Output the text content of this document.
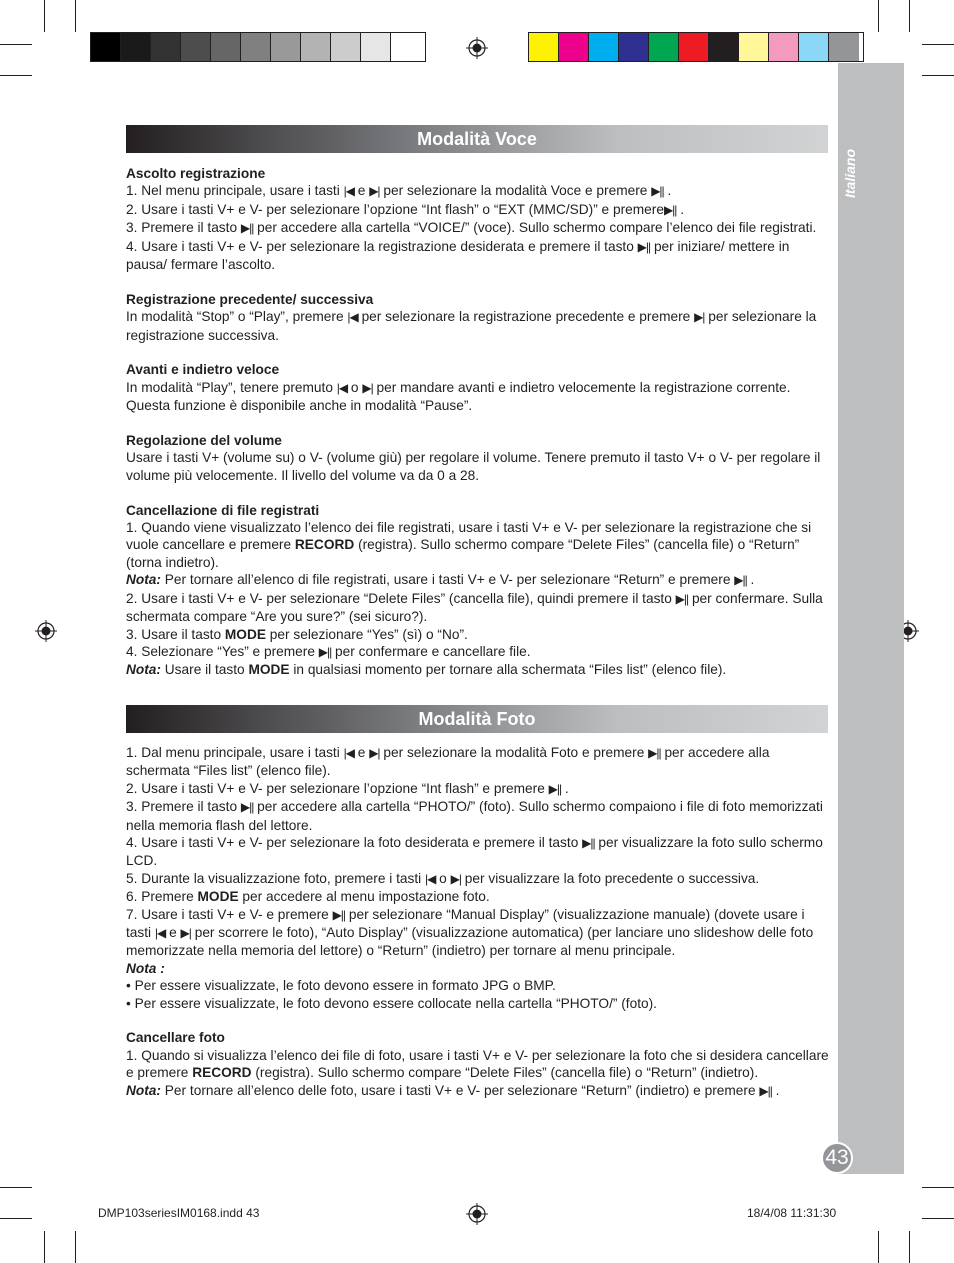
Italiano
43
Modalità Voce
Ascolto registrazione

1. Nel menu principale, usare i tasti |◀ e ▶| per selezionare la modalità Voce e premere ▶|| .

2. Usare i tasti V+ e V- per selezionare l’opzione “Int flash” o “EXT (MMC/SD)” e premere▶|| .

3. Premere il tasto ▶|| per accedere alla cartella “VOICE/” (voce). Sullo schermo compare l’elenco dei file registrati.

4. Usare i tasti V+ e V- per selezionare la registrazione desiderata e premere il tasto ▶|| per iniziare/ mettere in pausa/ fermare l’ascolto.

Registrazione precedente/ successiva

In modalità “Stop” o “Play”, premere |◀ per selezionare la registrazione precedente e premere ▶| per selezionare la registrazione successiva.

Avanti e indietro veloce

In modalità “Play”, tenere premuto |◀ o ▶| per mandare avanti e indietro velocemente la registrazione corrente. Questa funzione è disponibile anche in modalità “Pause”.

Regolazione del volume

Usare i tasti V+ (volume su) o V- (volume giù) per regolare il volume. Tenere premuto il tasto V+ o V- per regolare il volume più velocemente. Il livello del volume va da 0 a 28.

Cancellazione di file registrati

1. Quando viene visualizzato l’elenco dei file registrati, usare i tasti V+ e V- per selezionare la registrazione che si vuole cancellare e premere RECORD (registra). Sullo schermo compare “Delete Files” (cancella file) o “Return” (torna indietro).

Nota: Per tornare all’elenco di file registrati, usare i tasti V+ e V- per selezionare “Return” e premere ▶|| .

2. Usare i tasti V+ e V- per selezionare “Delete Files” (cancella file), quindi premere il tasto ▶|| per confermare. Sulla schermata compare “Are you sure?” (sei sicuro?).

3. Usare il tasto MODE per selezionare “Yes” (sì) o “No”.

4. Selezionare “Yes” e premere ▶|| per confermare e cancellare file.

Nota: Usare il tasto MODE in qualsiasi momento per tornare alla schermata “Files list” (elenco file).

Modalità Foto

1. Dal menu principale, usare i tasti |◀ e ▶| per selezionare la modalità Foto e premere ▶|| per accedere alla schermata “Files list” (elenco file).

2. Usare i tasti V+ e V- per selezionare l’opzione “Int flash” e premere ▶|| .

3. Premere il tasto ▶|| per accedere alla cartella “PHOTO/” (foto). Sullo schermo compaiono i file di foto memorizzati nella memoria flash del lettore.

4. Usare i tasti V+ e V- per selezionare la foto desiderata e premere il tasto ▶|| per visualizzare la foto sullo schermo LCD.

5. Durante la visualizzazione foto, premere i tasti |◀ o ▶| per visualizzare la foto precedente o successiva.

6. Premere MODE per accedere al menu impostazione foto.

7. Usare i tasti V+ e V- e premere ▶|| per selezionare “Manual Display” (visualizzazione manuale) (dovete usare i tasti |◀ e ▶| per scorrere le foto), “Auto Display” (visualizzazione automatica) (per lanciare uno slideshow delle foto memorizzate nella memoria del lettore) o “Return” (indietro) per tornare al menu principale.

Nota :

• Per essere visualizzate, le foto devono essere in formato JPG o BMP.

• Per essere visualizzate, le foto devono essere collocate nella cartella “PHOTO/” (foto).

Cancellare foto

1. Quando si visualizza l’elenco dei file di foto, usare i tasti V+ e V- per selezionare la foto che si desidera cancellare e premere RECORD (registra). Sullo schermo compare “Delete Files” (cancella file) o “Return” (indietro).

Nota: Per tornare all’elenco delle foto, usare i tasti V+ e V- per selezionare “Return” (indietro) e premere ▶|| .

DMP103seriesIM0168.indd 43	18/4/08 11:31:30
